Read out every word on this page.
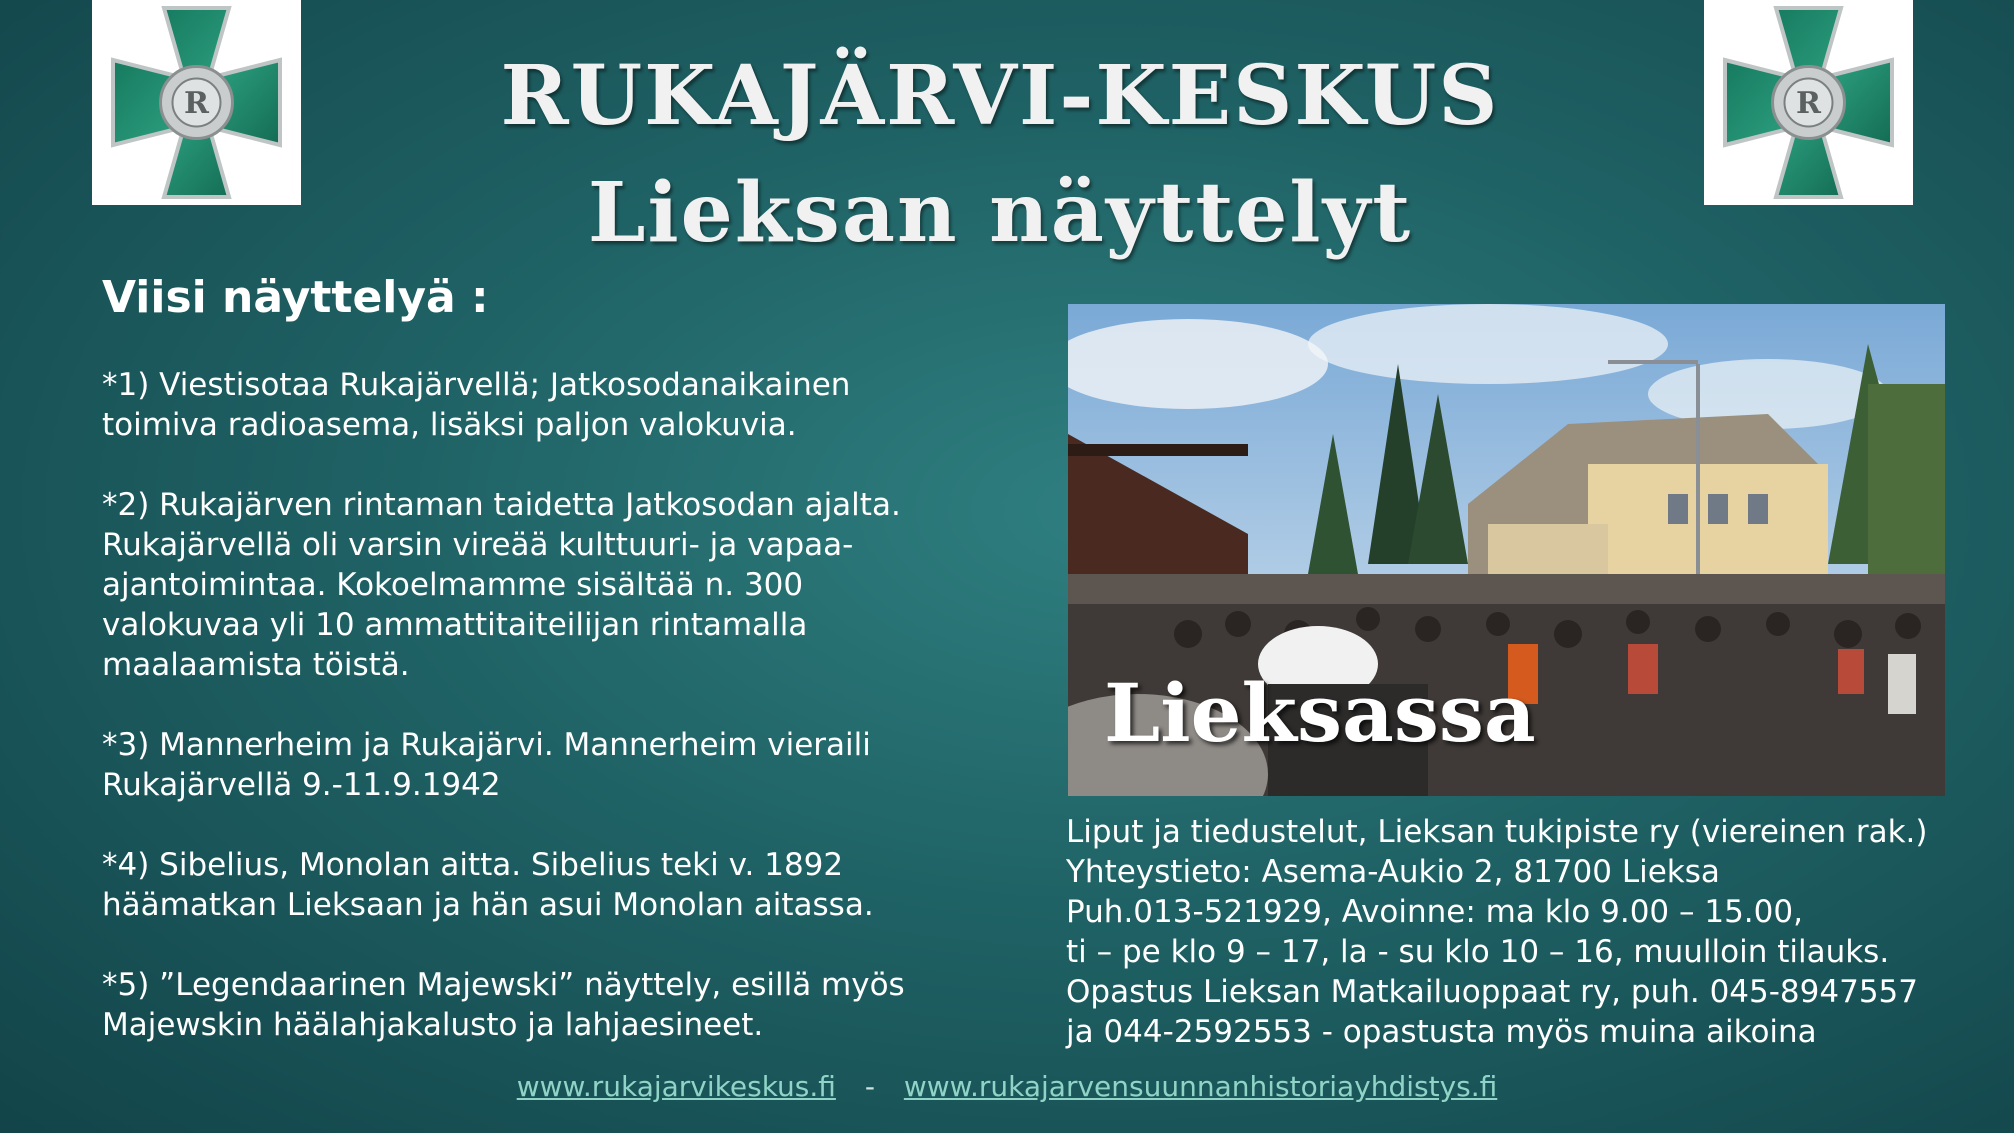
R	R
RUKAJÄRVI-KESKUS
Lieksan näyttelyt
Viisi näyttelyä :
*1) Viestisotaa Rukajärvellä; Jatkosodanaikainen
toimiva radioasema, lisäksi paljon valokuvia.
*2) Rukajärven rintaman taidetta Jatkosodan ajalta.
Rukajärvellä oli varsin vireää kulttuuri- ja vapaa-
ajantoimintaa. Kokoelmamme sisältää n. 300
valokuvaa yli 10 ammattitaiteilijan rintamalla
maalaamista töistä.
*3) Mannerheim ja Rukajärvi. Mannerheim vieraili
Rukajärvellä 9.-11.9.1942
*4) Sibelius, Monolan aitta. Sibelius teki v. 1892
häämatkan Lieksaan ja hän asui Monolan aitassa.
*5) ”Legendaarinen Majewski” näyttely, esillä myös
Majewskin häälahjakalusto ja lahjaesineet.
Lieksassa
Liput ja tiedustelut, Lieksan tukipiste ry (viereinen rak.)
Yhteystieto: Asema-Aukio 2, 81700 Lieksa
Puh.013-521929, Avoinne: ma klo 9.00 – 15.00,
ti – pe klo 9 – 17, la - su klo 10 – 16, muulloin tilauks.
Opastus Lieksan Matkailuoppaat ry, puh. 045-8947557
ja 044-2592553 - opastusta myös muina aikoina
www.rukajarvikeskus.fi - www.rukajarvensuunnanhistoriayhdistys.fi
